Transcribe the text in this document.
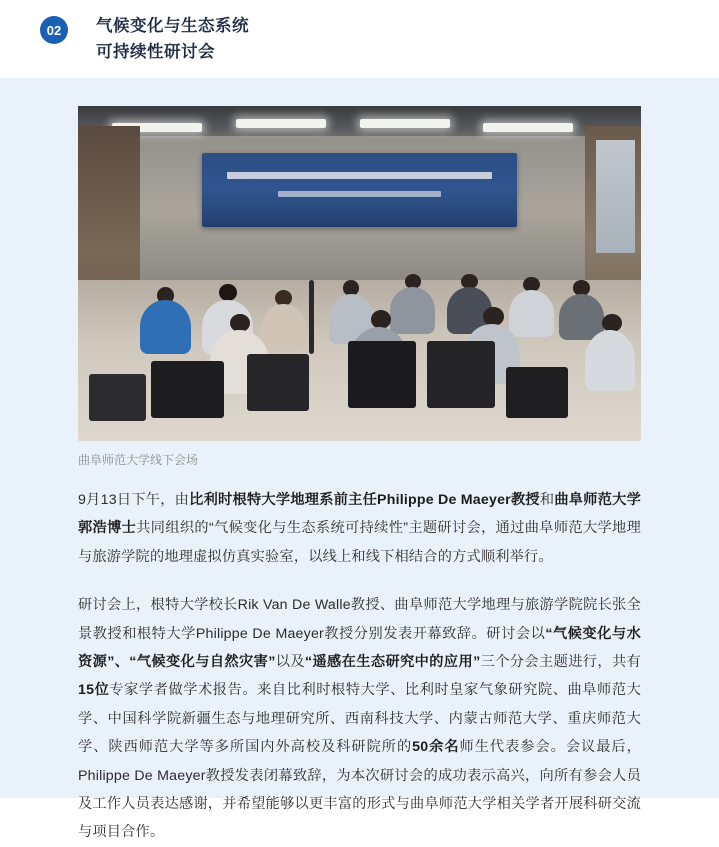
02	气候变化与生态系统
可持续性研讨会
曲阜师范大学线下会场

9月13日下午，由比利时根特大学地理系前主任Philippe De Maeyer教授和曲阜师范大学郭浩博士共同组织的“气候变化与生态系统可持续性”主题研讨会，通过曲阜师范大学地理与旅游学院的地理虚拟仿真实验室，以线上和线下相结合的方式顺利举行。

研讨会上，根特大学校长Rik Van De Walle教授、曲阜师范大学地理与旅游学院院长张全景教授和根特大学Philippe De Maeyer教授分别发表开幕致辞。研讨会以“气候变化与水资源”、“气候变化与自然灾害”以及“遥感在生态研究中的应用”三个分会主题进行，共有15位专家学者做学术报告。来自比利时根特大学、比利时皇家气象研究院、曲阜师范大学、中国科学院新疆生态与地理研究所、西南科技大学、内蒙古师范大学、重庆师范大学、陕西师范大学等多所国内外高校及科研院所的50余名师生代表参会。会议最后，Philippe De Maeyer教授发表闭幕致辞，为本次研讨会的成功表示高兴，向所有参会人员及工作人员表达感谢，并希望能够以更丰富的形式与曲阜师范大学相关学者开展科研交流与项目合作。
